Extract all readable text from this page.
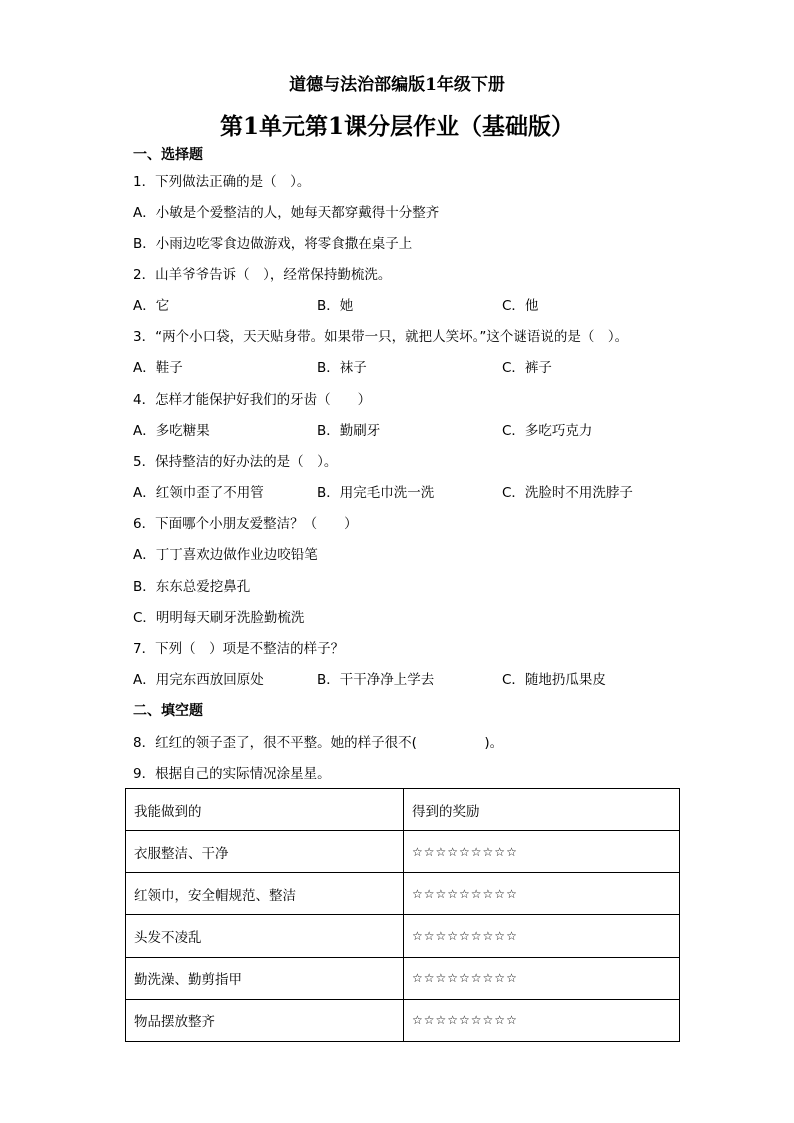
道德与法治部编版1年级下册
第1单元第1课分层作业（基础版）
一、选择题
1．下列做法正确的是（　）。
A．小敏是个爱整洁的人，她每天都穿戴得十分整齐
B．小雨边吃零食边做游戏，将零食撒在桌子上
2．山羊爷爷告诉（　），经常保持勤梳洗。
A．它	B．她	C．他
3．“两个小口袋，天天贴身带。如果带一只，就把人笑坏。”这个谜语说的是（　）。
A．鞋子	B．袜子	C．裤子
4．怎样才能保护好我们的牙齿（　　）
A．多吃糖果	B．勤刷牙	C．多吃巧克力
5．保持整洁的好办法的是（　）。
A．红领巾歪了不用管	B．用完毛巾洗一洗	C．洗脸时不用洗脖子
6．下面哪个小朋友爱整洁？（　　）
A．丁丁喜欢边做作业边咬铅笔
B．东东总爱挖鼻孔
C．明明每天刷牙洗脸勤梳洗
7．下列（　）项是不整洁的样子？
A．用完东西放回原处	B．干干净净上学去	C．随地扔瓜果皮
二、填空题
8．红红的领子歪了，很不平整。她的样子很不(　　　　　)。
9．根据自己的实际情况涂星星。
我能做到的	得到的奖励
衣服整洁、干净	☆☆☆☆☆☆☆☆☆
红领巾，安全帽规范、整洁	☆☆☆☆☆☆☆☆☆
头发不凌乱	☆☆☆☆☆☆☆☆☆
勤洗澡、勤剪指甲	☆☆☆☆☆☆☆☆☆
物品摆放整齐	☆☆☆☆☆☆☆☆☆
